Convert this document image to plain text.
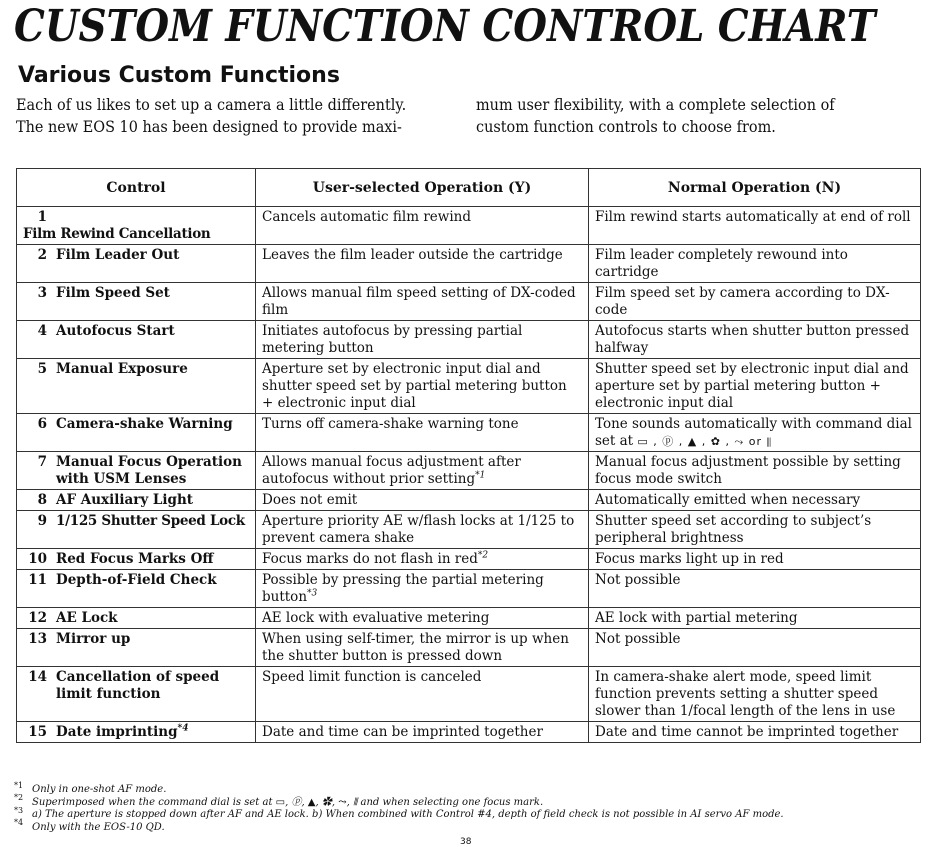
CUSTOM FUNCTION CONTROL CHART
Various Custom Functions
Each of us likes to set up a camera a little differently.
The new EOS 10 has been designed to provide maxi-
mum user flexibility, with a complete selection of
custom function controls to choose from.
Control	User-selected Operation (Y)	Normal Operation (N)
1Film Rewind Cancellation	Cancels automatic film rewind	Film rewind starts automatically at end of roll
2 Film Leader Out	Leaves the film leader outside the cartridge	Film leader completely rewound into cartridge
3 Film Speed Set	Allows manual film speed setting of DX-coded film	Film speed set by camera according to DX-code
4 Autofocus Start	Initiates autofocus by pressing partial metering button	Autofocus starts when shutter button pressed halfway
5 Manual Exposure	Aperture set by electronic input dial and shutter speed set by partial metering button + electronic input dial	Shutter speed set by electronic input dial and aperture set by partial metering button + electronic input dial
6 Camera-shake Warning	Turns off camera-shake warning tone	Tone sounds automatically with command dial set at ▭ , ⓟ , ▲ , ✿ , ⤳ or ⦀
7 Manual Focus Operation with USM Lenses	Allows manual focus adjustment after autofocus without prior setting$^{*1}$	Manual focus adjustment possible by setting focus mode switch
8 AF Auxiliary Light	Does not emit	Automatically emitted when necessary
9 1/125 Shutter Speed Lock	Aperture priority AE w/flash locks at 1/125 to prevent camera shake	Shutter speed set according to subject’s peripheral brightness
10 Red Focus Marks Off	Focus marks do not flash in red$^{*2}$	Focus marks light up in red
11 Depth-of-Field Check	Possible by pressing the partial metering button$^{*3}$	Not possible
12 AE Lock	AE lock with evaluative metering	AE lock with partial metering
13 Mirror up	When using self-timer, the mirror is up when the shutter button is pressed down	Not possible
14 Cancellation of speed limit function	Speed limit function is canceled	In camera-shake alert mode, speed limit function prevents setting a shutter speed slower than 1/focal length of the lens in use
15 Date imprinting$^{*4}$	Date and time can be imprinted together	Date and time cannot be imprinted together
*1 Only in one-shot AF mode.
*2 Superimposed when the command dial is set at ▭, ⓟ, ▲, ✿, ⤳, ⦀ and when selecting one focus mark.
*3 a) The aperture is stopped down after AF and AE lock. b) When combined with Control #4, depth of field check is not possible in AI servo AF mode.
*4 Only with the EOS-10 QD.
38
